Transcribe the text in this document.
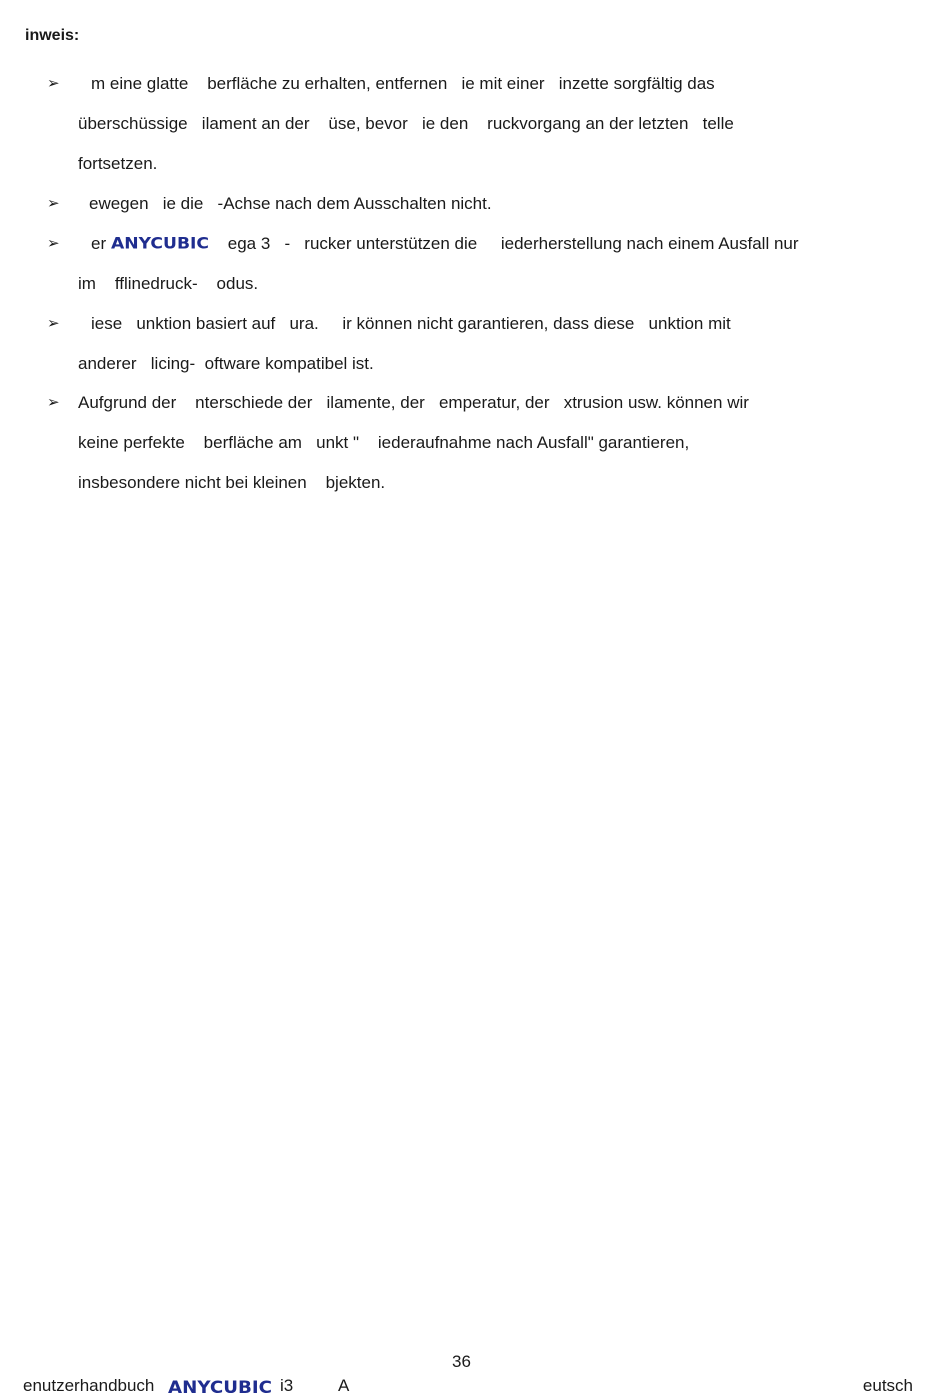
inweis:
➢ m eine glatte    berfläche zu erhalten, entfernen   ie mit einer   inzette sorgfältig das
überschüssige   ilament an der    üse, bevor   ie den    ruckvorgang an der letzten   telle
fortsetzen.
➢ ewegen   ie die   -Achse nach dem Ausschalten nicht.
➢ er	ega 3   -   rucker unterstützen die     iederherstellung nach einem Ausfall nur
im    fflinedruck-    odus.
➢ iese   unktion basiert auf   ura.     ir können nicht garantieren, dass diese   unktion mit
anderer   licing-  oftware kompatibel ist.
➢ Aufgrund der    nterschiede der   ilamente, der   emperatur, der   xtrusion usw. können wir
keine perfekte    berfläche am   unkt "    iederaufnahme nach Ausfall" garantieren,
insbesondere nicht bei kleinen    bjekten.
36
enutzerhandbuch	i3	A	eutsch
